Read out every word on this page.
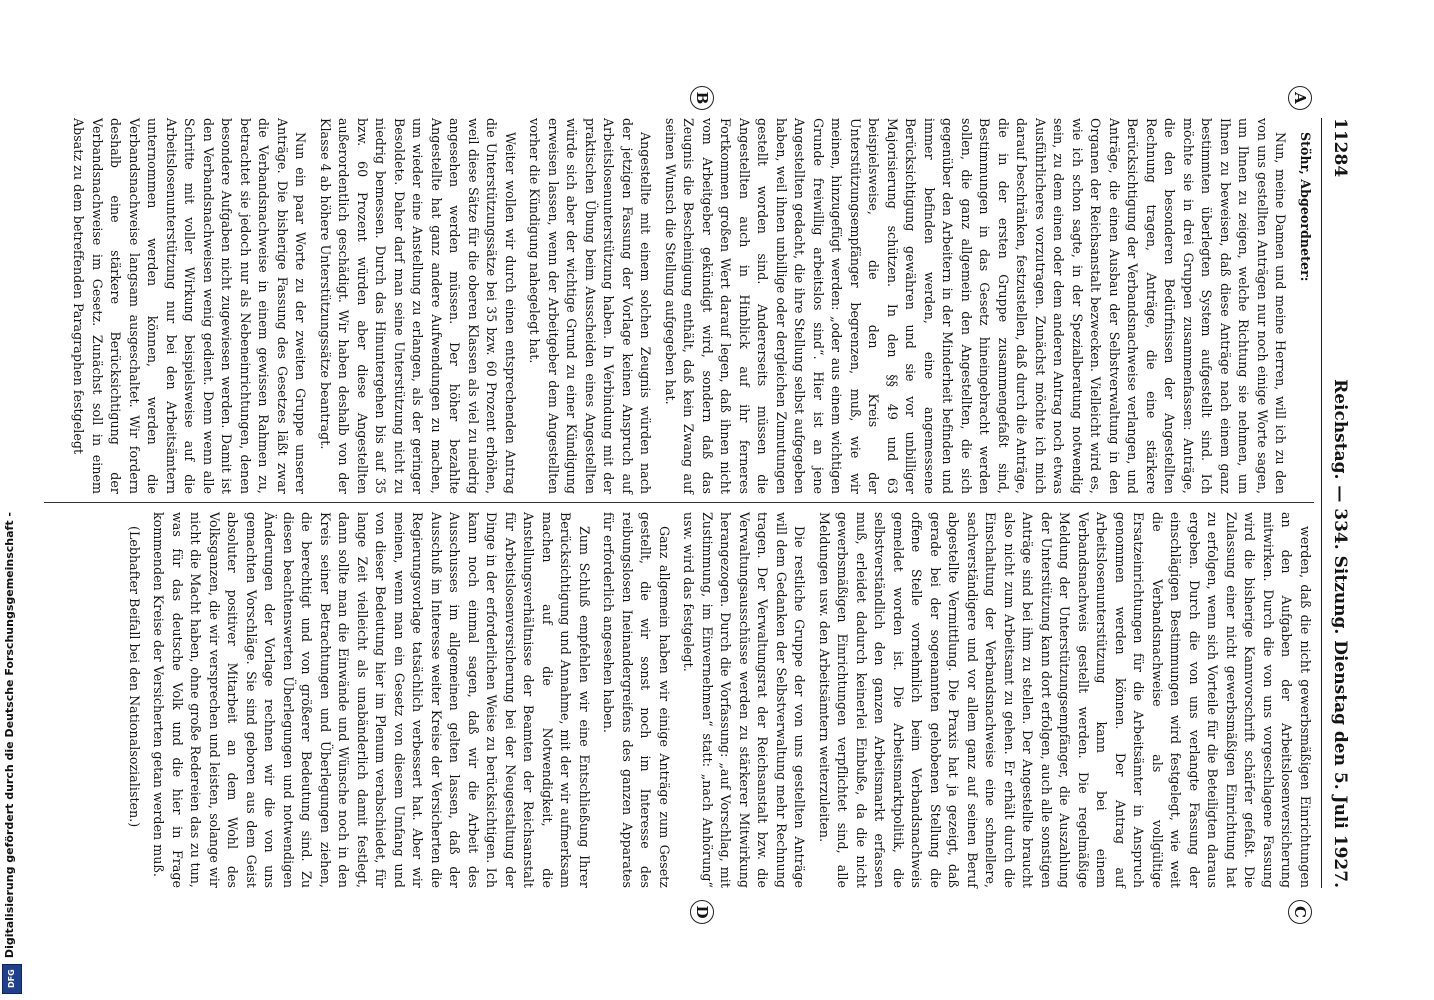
11284
Reichstag. — 334. Sitzung. Dienstag den 5. Juli 1927.
A
B
C
D

Stöhr, Abgeordneter:

Nun, meine Damen und meine Herren, will ich zu den von uns gestellten Anträgen nur noch einige Worte sagen, um Ihnen zu zeigen, welche Richtung sie nehmen, um Ihnen zu beweisen, daß diese Anträge nach einem ganz bestimmten überlegten System aufgestellt sind. Ich möchte sie in drei Gruppen zusammenfassen: Anträge, die den besonderen Bedürfnissen der Angestellten Rechnung tragen, Anträge, die eine stärkere Berücksichtigung der Verbandsnachweise verlangen, und Anträge, die einen Ausbau der Selbstverwaltung in den Organen der Reichsanstalt bezwecken. Vielleicht wird es, wie ich schon sagte, in der Spezialberatung notwendig sein, zu dem einen oder dem anderen Antrag noch etwas Ausführlicheres vorzutragen. Zunächst möchte ich mich darauf beschränken, festzustellen, daß durch die Anträge, die in der ersten Gruppe zusammengefaßt sind, Bestimmungen in das Gesetz hineingebracht werden sollen, die ganz allgemein den Angestellten, die sich gegenüber den Arbeitern in der Minderheit befinden und immer befinden werden, eine angemessene Berücksichtigung gewähren und sie vor unbilliger Majorisierung schützen. In den §§ 49 und 63 beispielsweise, die den Kreis der Unterstützungsempfänger begrenzen, muß, wie wir meinen, hinzugefügt werden: „oder aus einem wichtigen Grunde freiwillig arbeitslos sind“. Hier ist an jene Angestellten gedacht, die ihre Stellung selbst aufgegeben haben, weil ihnen unbillige oder dergleichen Zumutungen gestellt worden sind. Andererseits müssen die Angestellten auch in Hinblick auf ihr ferneres Fortkommen großen Wert darauf legen, daß ihnen nicht vom Arbeitgeber gekündigt wird, sondern daß das Zeugnis die Bescheinigung enthält, daß kein Zwang auf seinen Wunsch die Stellung aufgegeben hat.

Angestellte mit einem solchen Zeugnis würden nach der jetzigen Fassung der Vorlage keinen Anspruch auf Arbeitslosenunterstützung haben. In Verbindung mit der praktischen Übung beim Ausscheiden eines Angestellten würde sich aber der wichtige Grund zu einer Kündigung erweisen lassen, wenn der Arbeitgeber dem Angestellten vorher die Kündigung nahegelegt hat.

Weiter wollen wir durch einen entsprechenden Antrag die Unterstützungssätze bei 35 bzw. 60 Prozent erhöhen, weil diese Sätze für die oberen Klassen als viel zu niedrig angesehen werden müssen. Der höher bezahlte Angestellte hat ganz andere Aufwendungen zu machen, um wieder eine Anstellung zu erlangen, als der geringer Besoldete. Daher darf man seine Unterstützung nicht zu niedrig bemessen. Durch das Hinuntergehen bis auf 35 bzw. 60 Prozent würden aber diese Angestellten außerordentlich geschädigt. Wir haben deshalb von der Klasse 4 ab höhere Unterstützungssätze beantragt.

Nun ein paar Worte zu der zweiten Gruppe unserer Anträge. Die bisherige Fassung des Gesetzes läßt zwar die Verbandsnachweise in einem gewissen Rahmen zu, betrachtet sie jedoch nur als Nebeneinrichtungen, denen besondere Aufgaben nicht zugewiesen werden. Damit ist den Verbandsnachweisen wenig gedient. Denn wenn alle Schritte mit voller Wirkung beispielsweise auf die Arbeitslosenunterstützung nur bei den Arbeitsämtern unternommen werden können, werden die Verbandsnachweise langsam ausgeschaltet. Wir fordern deshalb eine stärkere Berücksichtigung der Verbandsnachweise im Gesetz. Zunächst soll in einem Absatz zu dem betreffenden Paragraphen festgelegt

werden, daß die nicht gewerbsmäßigen Einrichtungen an den Aufgaben der Arbeitslosenversicherung mitwirken. Durch die von uns vorgeschlagene Fassung wird die bisherige Kannvorschrift schärfer gefaßt. Die Zulassung einer nicht gewerbsmäßigen Einrichtung hat zu erfolgen, wenn sich Vorteile für die Beteiligten daraus ergeben. Durch die von uns verlangte Fassung der einschlägigen Bestimmungen wird festgelegt, wie weit die Verbandsnachweise als vollgültige Ersatzeinrichtungen für die Arbeitsämter in Anspruch genommen werden können. Der Antrag auf Arbeitslosenunterstützung kann bei einem Verbandsnachweis gestellt werden. Die regelmäßige Meldung der Unterstützungsempfänger, die Auszahlung der Unterstützung kann dort erfolgen, auch alle sonstigen Anträge sind bei ihm zu stellen. Der Angestellte braucht also nicht zum Arbeitsamt zu gehen. Er erhält durch die Einschaltung der Verbandsnachweise eine schnellere, sachverständigere und vor allem ganz auf seinen Beruf abgestellte Vermittlung. Die Praxis hat ja gezeigt, daß gerade bei der sogenannten gehobenen Stellung die offene Stelle vornehmlich beim Verbandsnachweis gemeldet worden ist. Die Arbeitsmarktpolitik, die selbstverständlich den ganzen Arbeitsmarkt erfassen muß, erleidet dadurch keinerlei Einbuße, da die nicht gewerbsmäßigen Einrichtungen verpflichtet sind, alle Meldungen usw. den Arbeitsämtern weiterzuleiten.

Die restliche Gruppe der von uns gestellten Anträge will dem Gedanken der Selbstverwaltung mehr Rechnung tragen. Der Verwaltungsrat der Reichsanstalt bzw. die Verwaltungsausschüsse werden zu stärkerer Mitwirkung herangezogen. Durch die Vorfassung: „auf Vorschlag, mit Zustimmung, im Einvernehmen“ statt: „nach Anhörung“ usw. wird das festgelegt.

Ganz allgemein haben wir einige Anträge zum Gesetz gestellt, die wir sonst noch im Interesse des reibungslosen Ineinandergreifens des ganzen Apparates für erforderlich angesehen haben.

Zum Schluß empfehlen wir eine Entschließung Ihrer Berücksichtigung und Annahme, mit der wir aufmerksam machen auf die Notwendigkeit, die Anstellungsverhältnisse der Beamten der Reichsanstalt für Arbeitslosenversicherung bei der Neugestaltung der Dinge in der erforderlichen Weise zu berücksichtigen. Ich kann noch einmal sagen, daß wir die Arbeit des Ausschusses im allgemeinen gelten lassen, daß der Ausschuß im Interesse weiter Kreise der Versicherten die Regierungsvorlage tatsächlich verbessert hat. Aber wir meinen, wenn man ein Gesetz von diesem Umfang und von dieser Bedeutung hier im Plenum verabschiedet, für lange Zeit vielleicht als unabänderlich damit festlegt, dann sollte man die Einwände und Wünsche noch in den Kreis seiner Betrachtungen und Überlegungen ziehen, die berechtigt und von größerer Bedeutung sind. Zu diesen beachtenswerten Überlegungen und notwendigen Änderungen der Vorlage rechnen wir die von uns gemachten Vorschläge. Sie sind geboren aus dem Geist absoluter positiver Mitarbeit an dem Wohl des Volksganzen, die wir versprechen und leisten, solange wir nicht die Macht haben, ohne große Redereien das zu tun, was für das deutsche Volk und die hier in Frage kommenden Kreise der Versicherten getan werden muß.

(Lebhafter Beifall bei den Nationalsozialisten.)

Digitalisierung gefördert durch die Deutsche Forschungsgemeinschaft -
DFG
